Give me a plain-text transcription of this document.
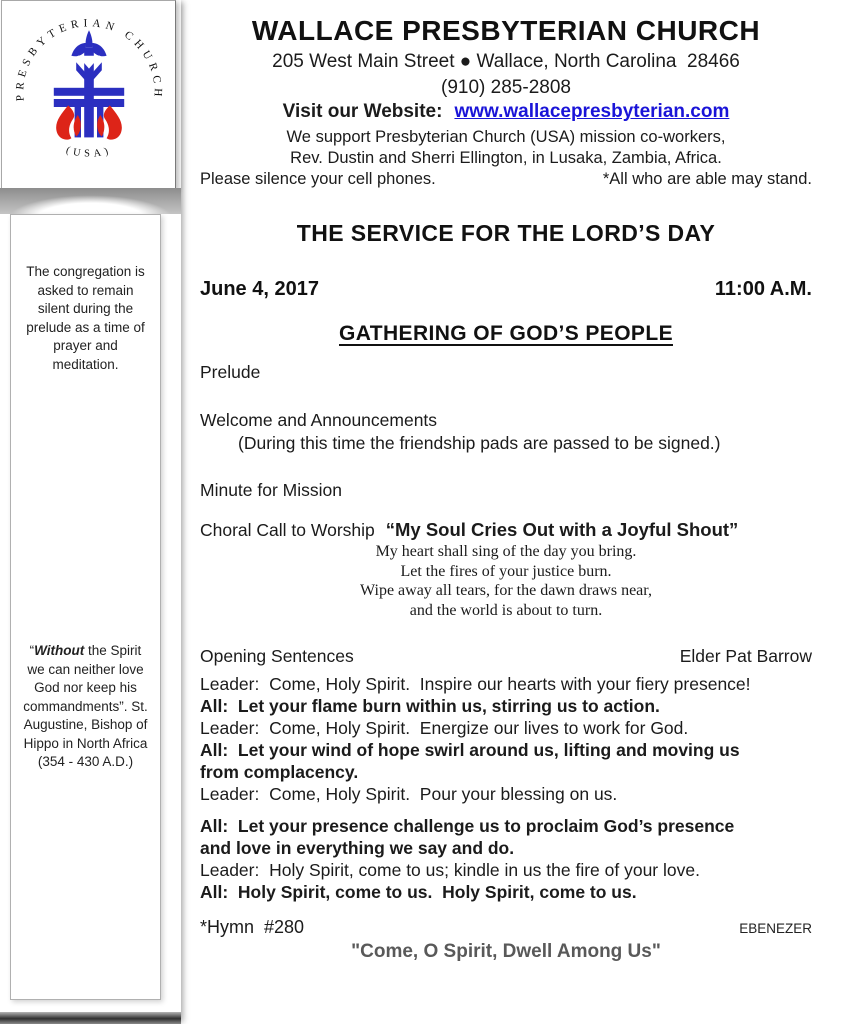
PRESBYTERIAN CHURCH
(USA)

The congregation is asked to remain silent during the prelude as a time of prayer and meditation.

“Without the Spirit we can neither love God nor keep his commandments”. St. Augustine, Bishop of Hippo in North Africa (354 - 430 A.D.)

WALLACE PRESBYTERIAN CHURCH
205 West Main Street ● Wallace, North Carolina  28466
(910) 285-2808
Visit our Website: www.wallacepresbyterian.com
We support Presbyterian Church (USA) mission co-workers,
Rev. Dustin and Sherri Ellington, in Lusaka, Zambia, Africa.
Please silence your cell phones.	*All who are able may stand.
THE SERVICE FOR THE LORD’S DAY
June 4, 2017	11:00 A.M.
GATHERING OF GOD’S PEOPLE
Prelude
Welcome and Announcements
(During this time the friendship pads are passed to be signed.)
Minute for Mission
Choral Call to Worship “My Soul Cries Out with a Joyful Shout”
My heart shall sing of the day you bring.
Let the fires of your justice burn.
Wipe away all tears, for the dawn draws near,
and the world is about to turn.
Opening Sentences	Elder Pat Barrow
Leader:  Come, Holy Spirit.  Inspire our hearts with your fiery presence!
All:  Let your flame burn within us, stirring us to action.
Leader:  Come, Holy Spirit.  Energize our lives to work for God.
All:  Let your wind of hope swirl around us, lifting and moving us
from complacency.
Leader:  Come, Holy Spirit.  Pour your blessing on us.
All:  Let your presence challenge us to proclaim God’s presence
and love in everything we say and do.
Leader:  Holy Spirit, come to us; kindle in us the fire of your love.
All:  Holy Spirit, come to us.  Holy Spirit, come to us.
*Hymn  #280	EBENEZER
"Come, O Spirit, Dwell Among Us"
